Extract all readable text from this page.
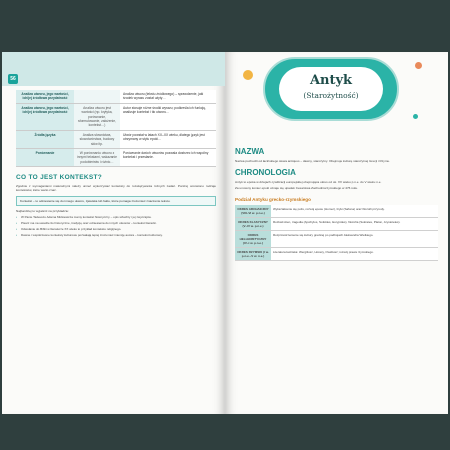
56
Analiza utworu, jego wartości, ich/jej źródłowa przydatność		Analiza utworu (tekstu źródłowego) – sprawdzenie, jaki środek wyrazu został użyty…
Analiza utworu, jego wartości, ich/jej źródłowa przydatność	Analiza utworu jest wartości (np. krytyka, porównanie, sformułowanie, założenie, kontekst…)	Autor stosuje różne środki wyrazu; podkreśla ich funkcję, analizuje kontekst i tło utworu…
Źródła języka	Analiza słownictwa, słowotwórstwa, budowy słów itp.	Utwór powstał w latach XX–XX wieku, dlatego język jest utrzymany w stylu epoki…
Porównanie	W porównaniu utworu z innymi tekstami, wskazanie podobieństw i różnic…	Porównanie dwóch utworów pozwala dostrzec ich wspólny kontekst i przesłanie.
CO TO JEST KONTEKST?

Zgodnie z wymaganiami maturalnymi należy umieć wykorzystać konteksty do rozwiązywania różnych zadań. Poniżej omówiono rodzaje kontekstów, które warto znać.

Kontekst – to odniesienie się do innego utworu, zjawiska lub faktu, które pomaga zrozumieć znaczenie tekstu.

Najbardziej to wyjaśnić na przykładzie:

• W Panie Tadeuszu Adama Mickiewicza mamy kontekst historyczny – opis szlachty i jej zwyczajów.
• Pisarz ma na uwadze tło historyczne, tradycję oraz odniesienia do innych utworów – kontekst literacki.
• Odwołanie do Biblii w literaturze XX wieku to przykład kontekstu religijnego.
• Dawne i współczesne konteksty kulturowe pozwalają lepiej zrozumieć intencję autora – kontekst kulturowy.
Antyk
(Starożytność)
NAZWA

Nazwa pochodzi od łacińskiego słowa antiquus – dawny, starożytny. Obejmuje kulturę starożytnej Grecji i Rzymu.

CHRONOLOGIA

Antyk to epoka w dziejach cywilizacji europejskiej obejmująca okres od ok. XX wieku p.n.e. do V wieku n.e.

Za umowny koniec epoki uznaje się upadek Cesarstwa Zachodniorzymskiego w 476 roku.

Podział Antyku grecko-rzymskiego
OKRES ARCHAICZNY (VIII–VI w. p.n.e.)	Wykształcenie się polis, rozwój eposu (Homer), liryki (Safona) oraz filozofii przyrody.
OKRES KLASYCZNY (V–IV w. p.n.e.)	Rozkwit Aten, tragedia (Ajschylos, Sofokles, Eurypides), filozofia (Sokrates, Platon, Arystoteles).
OKRES HELLENISTYCZNY (IV–I w. p.n.e.)	Rozprzestrzenienie się kultury greckiej po podbojach Aleksandra Wielkiego.
OKRES RZYMSKI (I w. p.n.e.–V w. n.e.)	Literatura łacińska: Wergiliusz, Horacy, Owidiusz; rozwój prawa rzymskiego.
